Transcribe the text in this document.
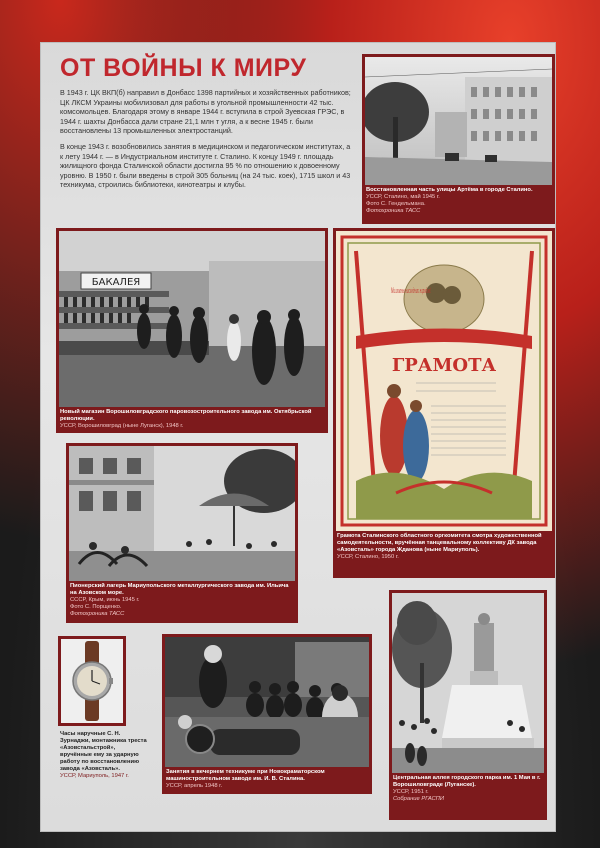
ОТ ВОЙНЫ К МИРУ

В 1943 г. ЦК ВКП(б) направил в Донбасс 1398 партийных и хозяйственных работников; ЦК ЛКСМ Украины мобилизовал для работы в угольной промышленности 42 тыс. комсомольцев. Благодаря этому в январе 1944 г. вступила в строй Зуевская ГРЭС, в 1944 г. шахты Донбасса дали стране 21,1 млн т угля, а к весне 1945 г. были восстановлены 13 промышленных электростанций.

В конце 1943 г. возобновились занятия в медицинском и педагогическом институтах, а к лету 1944 г. — в Индустриальном институте г. Сталино. К концу 1949 г. площадь жилищного фонда Сталинской области достигла 95 % по отношению к довоенному уровню. В 1950 г. были введены в строй 305 больниц (на 24 тыс. коек), 1715 школ и 43 техникума, строились библиотеки, кинотеатры и клубы.

Восстановленная часть улицы Артёма в городе Сталино.
УССР, Сталино, май 1945 г.
Фото С. Гендельмана.
Фотохроника ТАСС
БАКАЛЕЯ
Новый магазин Ворошиловградского паровозостроительного завода им. Октябрьской революции.
УССР, Ворошиловград (ныне Луганск), 1948 г.
Миллионы наследник народов!
ГРАМОТА
Грамота Сталинского областного оргкомитета смотра художественной самодеятельности, вручённая танцевальному коллективу ДК завода «Азовсталь» города Жданова (ныне Мариуполь).
УССР, Сталино, 1950 г.
Пионерский лагерь Мариупольского металлургического завода им. Ильича на Азовском море.
СССР, Крым, июнь 1945 г.
Фото С. Порщенко.
Фотохроника ТАСС
Часы наручные С. Н. Зурнаджи, монтажника треста «Азовстальстрой», вручённые ему за ударную работу по восстановлению завода «Азовсталь».
УССР, Мариуполь, 1947 г.
Занятия в вечернем техникуме при Новокраматорском машиностроительном заводе им. И. В. Сталина.
УССР, апрель 1948 г.
Центральная аллея городского парка им. 1 Мая в г. Ворошиловграде (Луганске).
УССР, 1951 г.
Собрание РГАСПИ
